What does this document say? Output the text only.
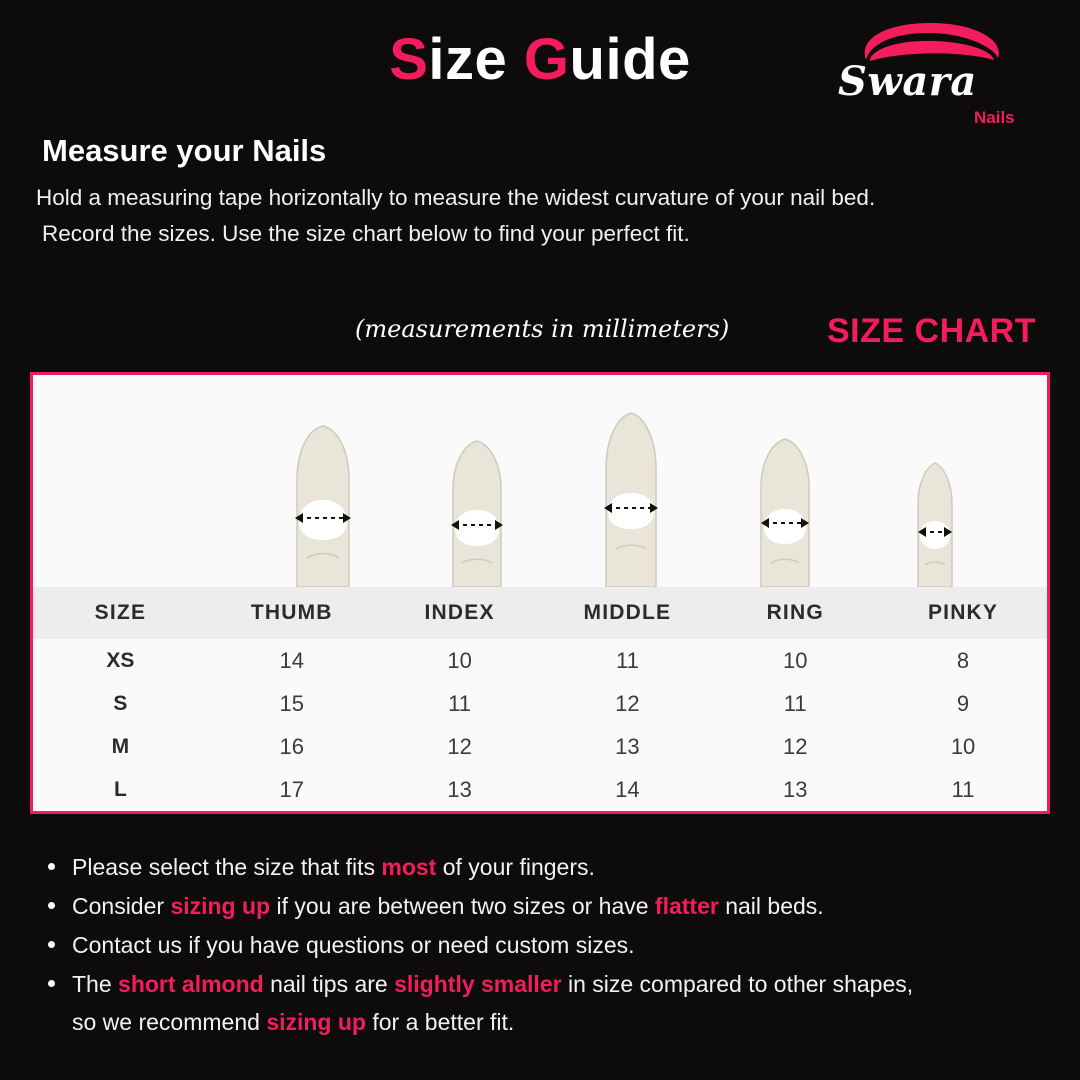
Size Guide	Swara
Nails
Measure your Nails
Hold a measuring tape horizontally to measure the widest curvature of your nail bed.
Record the sizes. Use the size chart below to find your perfect fit.
(measurements in millimeters)	SIZE CHART
SIZE	THUMB	INDEX	MIDDLE	RING	PINKY
XS	14	10	11	10	8
S	15	11	12	11	9
M	16	12	13	12	10
L	17	13	14	13	11
Please select the size that fits most of your fingers.
Consider sizing up if you are between two sizes or have flatter nail beds.
Contact us if you have questions or need custom sizes.
The short almond nail tips are slightly smaller in size compared to other shapes,
so we recommend sizing up for a better fit.
